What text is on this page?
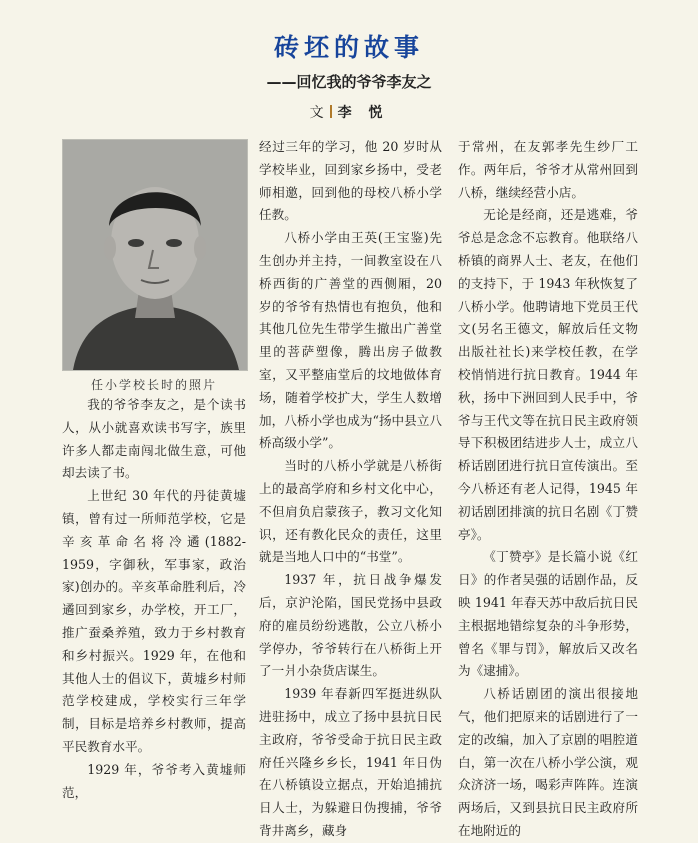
砖坯的故事
——回忆我的爷爷李友之
文 李 悦
任小学校长时的照片

我的爷爷李友之，是个读书人，从小就喜欢读书写字，族里许多人都走南闯北做生意，可他却去读了书。

上世纪 30 年代的丹徒黄墟镇，曾有过一所师范学校，它是辛亥革命名将冷遹(1882-1959，字御秋，军事家，政治家)创办的。辛亥革命胜利后，冷遹回到家乡，办学校，开工厂，推广蚕桑养殖，致力于乡村教育和乡村振兴。1929 年，在他和其他人士的倡议下，黄墟乡村师范学校建成，学校实行三年学制，目标是培养乡村教师，提高平民教育水平。

1929 年，爷爷考入黄墟师范，

经过三年的学习，他 20 岁时从学校毕业，回到家乡扬中，受老师相邀，回到他的母校八桥小学任教。

八桥小学由王英(王宝鉴)先生创办并主持，一间教室设在八桥西街的广善堂的西侧厢，20 岁的爷爷有热情也有抱负，他和其他几位先生带学生撤出广善堂里的菩萨塑像，腾出房子做教室，又平整庙堂后的坟地做体育场，随着学校扩大，学生人数增加，八桥小学也成为“扬中县立八桥高级小学”。

当时的八桥小学就是八桥街上的最高学府和乡村文化中心，不但肩负启蒙孩子，教习文化知识，还有教化民众的责任，这里就是当地人口中的“书堂”。

1937 年，抗日战争爆发后，京沪沦陷，国民党扬中县政府的雇员纷纷逃散，公立八桥小学停办，爷爷转行在八桥街上开了一爿小杂货店谋生。

1939 年春新四军挺进纵队进驻扬中，成立了扬中县抗日民主政府，爷爷受命于抗日民主政府任兴隆乡乡长，1941 年日伪在八桥镇设立据点，开始追捕抗日人士，为躲避日伪搜捕，爷爷背井离乡，藏身

于常州，在友郭孝先生纱厂工作。两年后，爷爷才从常州回到八桥，继续经营小店。

无论是经商，还是逃难，爷爷总是念念不忘教育。他联络八桥镇的商界人士、老友，在他们的支持下，于 1943 年秋恢复了八桥小学。他聘请地下党员王代文(另名王德文，解放后任文物出版社社长)来学校任教，在学校悄悄进行抗日教育。1944 年秋，扬中下洲回到人民手中，爷爷与王代文等在抗日民主政府领导下积极团结进步人士，成立八桥话剧团进行抗日宣传演出。至今八桥还有老人记得，1945 年初话剧团排演的抗日名剧《丁赞亭》。

《丁赞亭》是长篇小说《红日》的作者吴强的话剧作品，反映 1941 年春天苏中敌后抗日民主根据地错综复杂的斗争形势，曾名《罪与罚》，解放后又改名为《逮捕》。

八桥话剧团的演出很接地气，他们把原来的话剧进行了一定的改编，加入了京剧的唱腔道白，第一次在八桥小学公演，观众济济一场，喝彩声阵阵。连演两场后，又到县抗日民主政府所在地附近的
